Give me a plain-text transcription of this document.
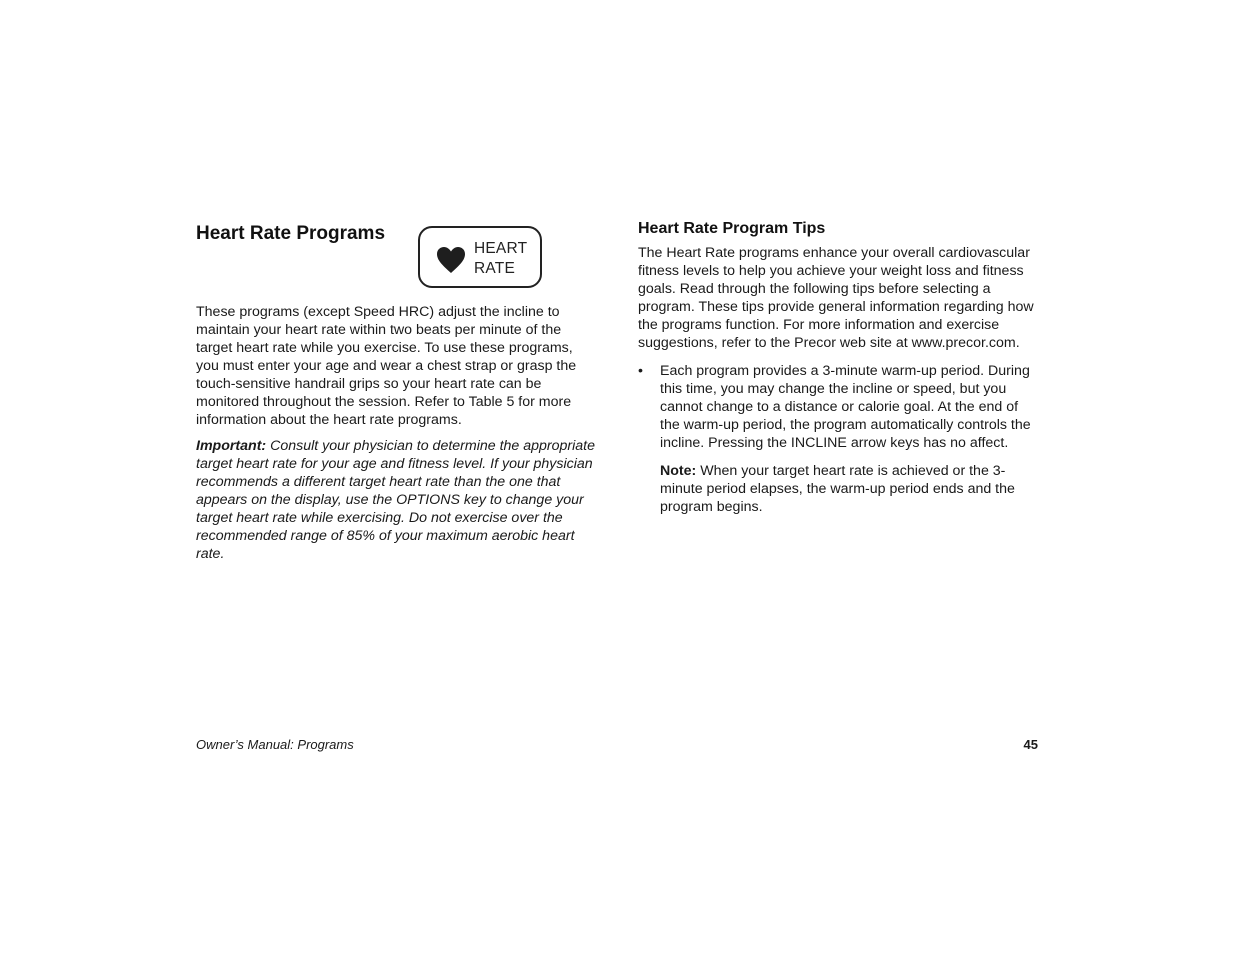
Heart Rate Programs
HEART
RATE

These programs (except Speed HRC) adjust the incline to maintain your heart rate within two beats per minute of the target heart rate while you exercise. To use these programs, you must enter your age and wear a chest strap or grasp the touch-sensitive handrail grips so your heart rate can be monitored throughout the session. Refer to Table 5 for more information about the heart rate programs.

Important: Consult your physician to determine the appropriate target heart rate for your age and fitness level. If your physician recommends a different target heart rate than the one that appears on the display, use the OPTIONS key to change your target heart rate while exercising. Do not exercise over the recommended range of 85% of your maximum aerobic heart rate.

Heart Rate Program Tips

The Heart Rate programs enhance your overall cardiovascular fitness levels to help you achieve your weight loss and fitness goals. Read through the following tips before selecting a program. These tips provide general information regarding how the programs function. For more information and exercise suggestions, refer to the Precor web site at www.precor.com.

• Each program provides a 3-minute warm-up period. During this time, you may change the incline or speed, but you cannot change to a distance or calorie goal. At the end of the warm-up period, the program automatically controls the incline. Pressing the INCLINE arrow keys has no affect.

Note: When your target heart rate is achieved or the 3-minute period elapses, the warm-up period ends and the program begins.

Owner’s Manual: Programs	45
